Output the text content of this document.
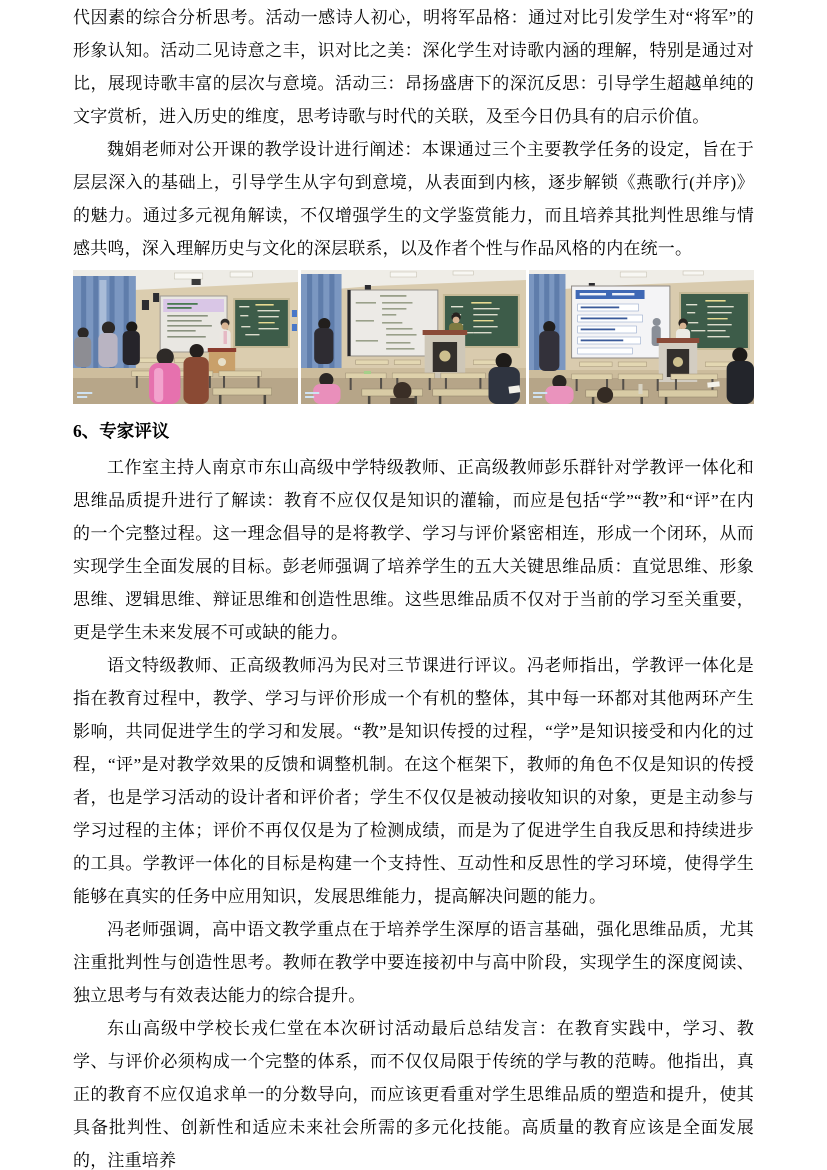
代因素的综合分析思考。活动一感诗人初心，明将军品格：通过对比引发学生对“将军”的形象认知。活动二见诗意之丰，识对比之美：深化学生对诗歌内涵的理解，特别是通过对比，展现诗歌丰富的层次与意境。活动三：昂扬盛唐下的深沉反思：引导学生超越单纯的文字赏析，进入历史的维度，思考诗歌与时代的关联，及至今日仍具有的启示价值。

魏娟老师对公开课的教学设计进行阐述：本课通过三个主要教学任务的设定，旨在于层层深入的基础上，引导学生从字句到意境，从表面到内核，逐步解锁《燕歌行(并序)》的魅力。通过多元视角解读，不仅增强学生的文学鉴赏能力，而且培养其批判性思维与情感共鸣，深入理解历史与文化的深层联系，以及作者个性与作品风格的内在统一。

6、专家评议

工作室主持人南京市东山高级中学特级教师、正高级教师彭乐群针对学教评一体化和思维品质提升进行了解读：教育不应仅仅是知识的灌输，而应是包括“学”“教”和“评”在内的一个完整过程。这一理念倡导的是将教学、学习与评价紧密相连，形成一个闭环，从而实现学生全面发展的目标。彭老师强调了培养学生的五大关键思维品质：直觉思维、形象思维、逻辑思维、辩证思维和创造性思维。这些思维品质不仅对于当前的学习至关重要，更是学生未来发展不可或缺的能力。

语文特级教师、正高级教师冯为民对三节课进行评议。冯老师指出，学教评一体化是指在教育过程中，教学、学习与评价形成一个有机的整体，其中每一环都对其他两环产生影响，共同促进学生的学习和发展。“教”是知识传授的过程，“学”是知识接受和内化的过程，“评”是对教学效果的反馈和调整机制。在这个框架下，教师的角色不仅是知识的传授者，也是学习活动的设计者和评价者；学生不仅仅是被动接收知识的对象，更是主动参与学习过程的主体；评价不再仅仅是为了检测成绩，而是为了促进学生自我反思和持续进步的工具。学教评一体化的目标是构建一个支持性、互动性和反思性的学习环境，使得学生能够在真实的任务中应用知识，发展思维能力，提高解决问题的能力。

冯老师强调，高中语文教学重点在于培养学生深厚的语言基础，强化思维品质，尤其注重批判性与创造性思考。教师在教学中要连接初中与高中阶段，实现学生的深度阅读、独立思考与有效表达能力的综合提升。

东山高级中学校长戎仁堂在本次研讨活动最后总结发言：在教育实践中，学习、教学、与评价必须构成一个完整的体系，而不仅仅局限于传统的学与教的范畴。他指出，真正的教育不应仅追求单一的分数导向，而应该更看重对学生思维品质的塑造和提升，使其具备批判性、创新性和适应未来社会所需的多元化技能。高质量的教育应该是全面发展的，注重培养
